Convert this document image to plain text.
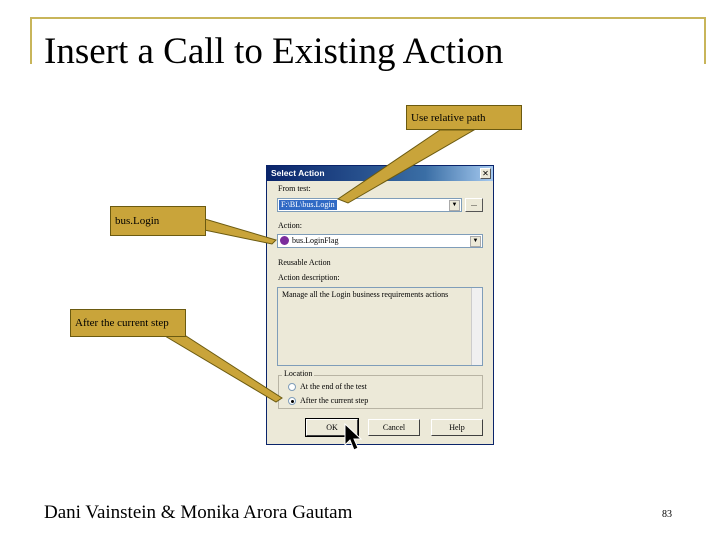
Insert a Call to Existing Action
Select Action	✕
From test:
F:\BL\bus.Login	▼	...
Action:
bus.LoginFlag	▼
Reusable Action
Action description:
Manage all the Login business requirements actions
Location
At the end of the test
After the current step
OK	Cancel	Help
Use relative path
bus.Login
After the current step
Dani Vainstein & Monika Arora Gautam	83
